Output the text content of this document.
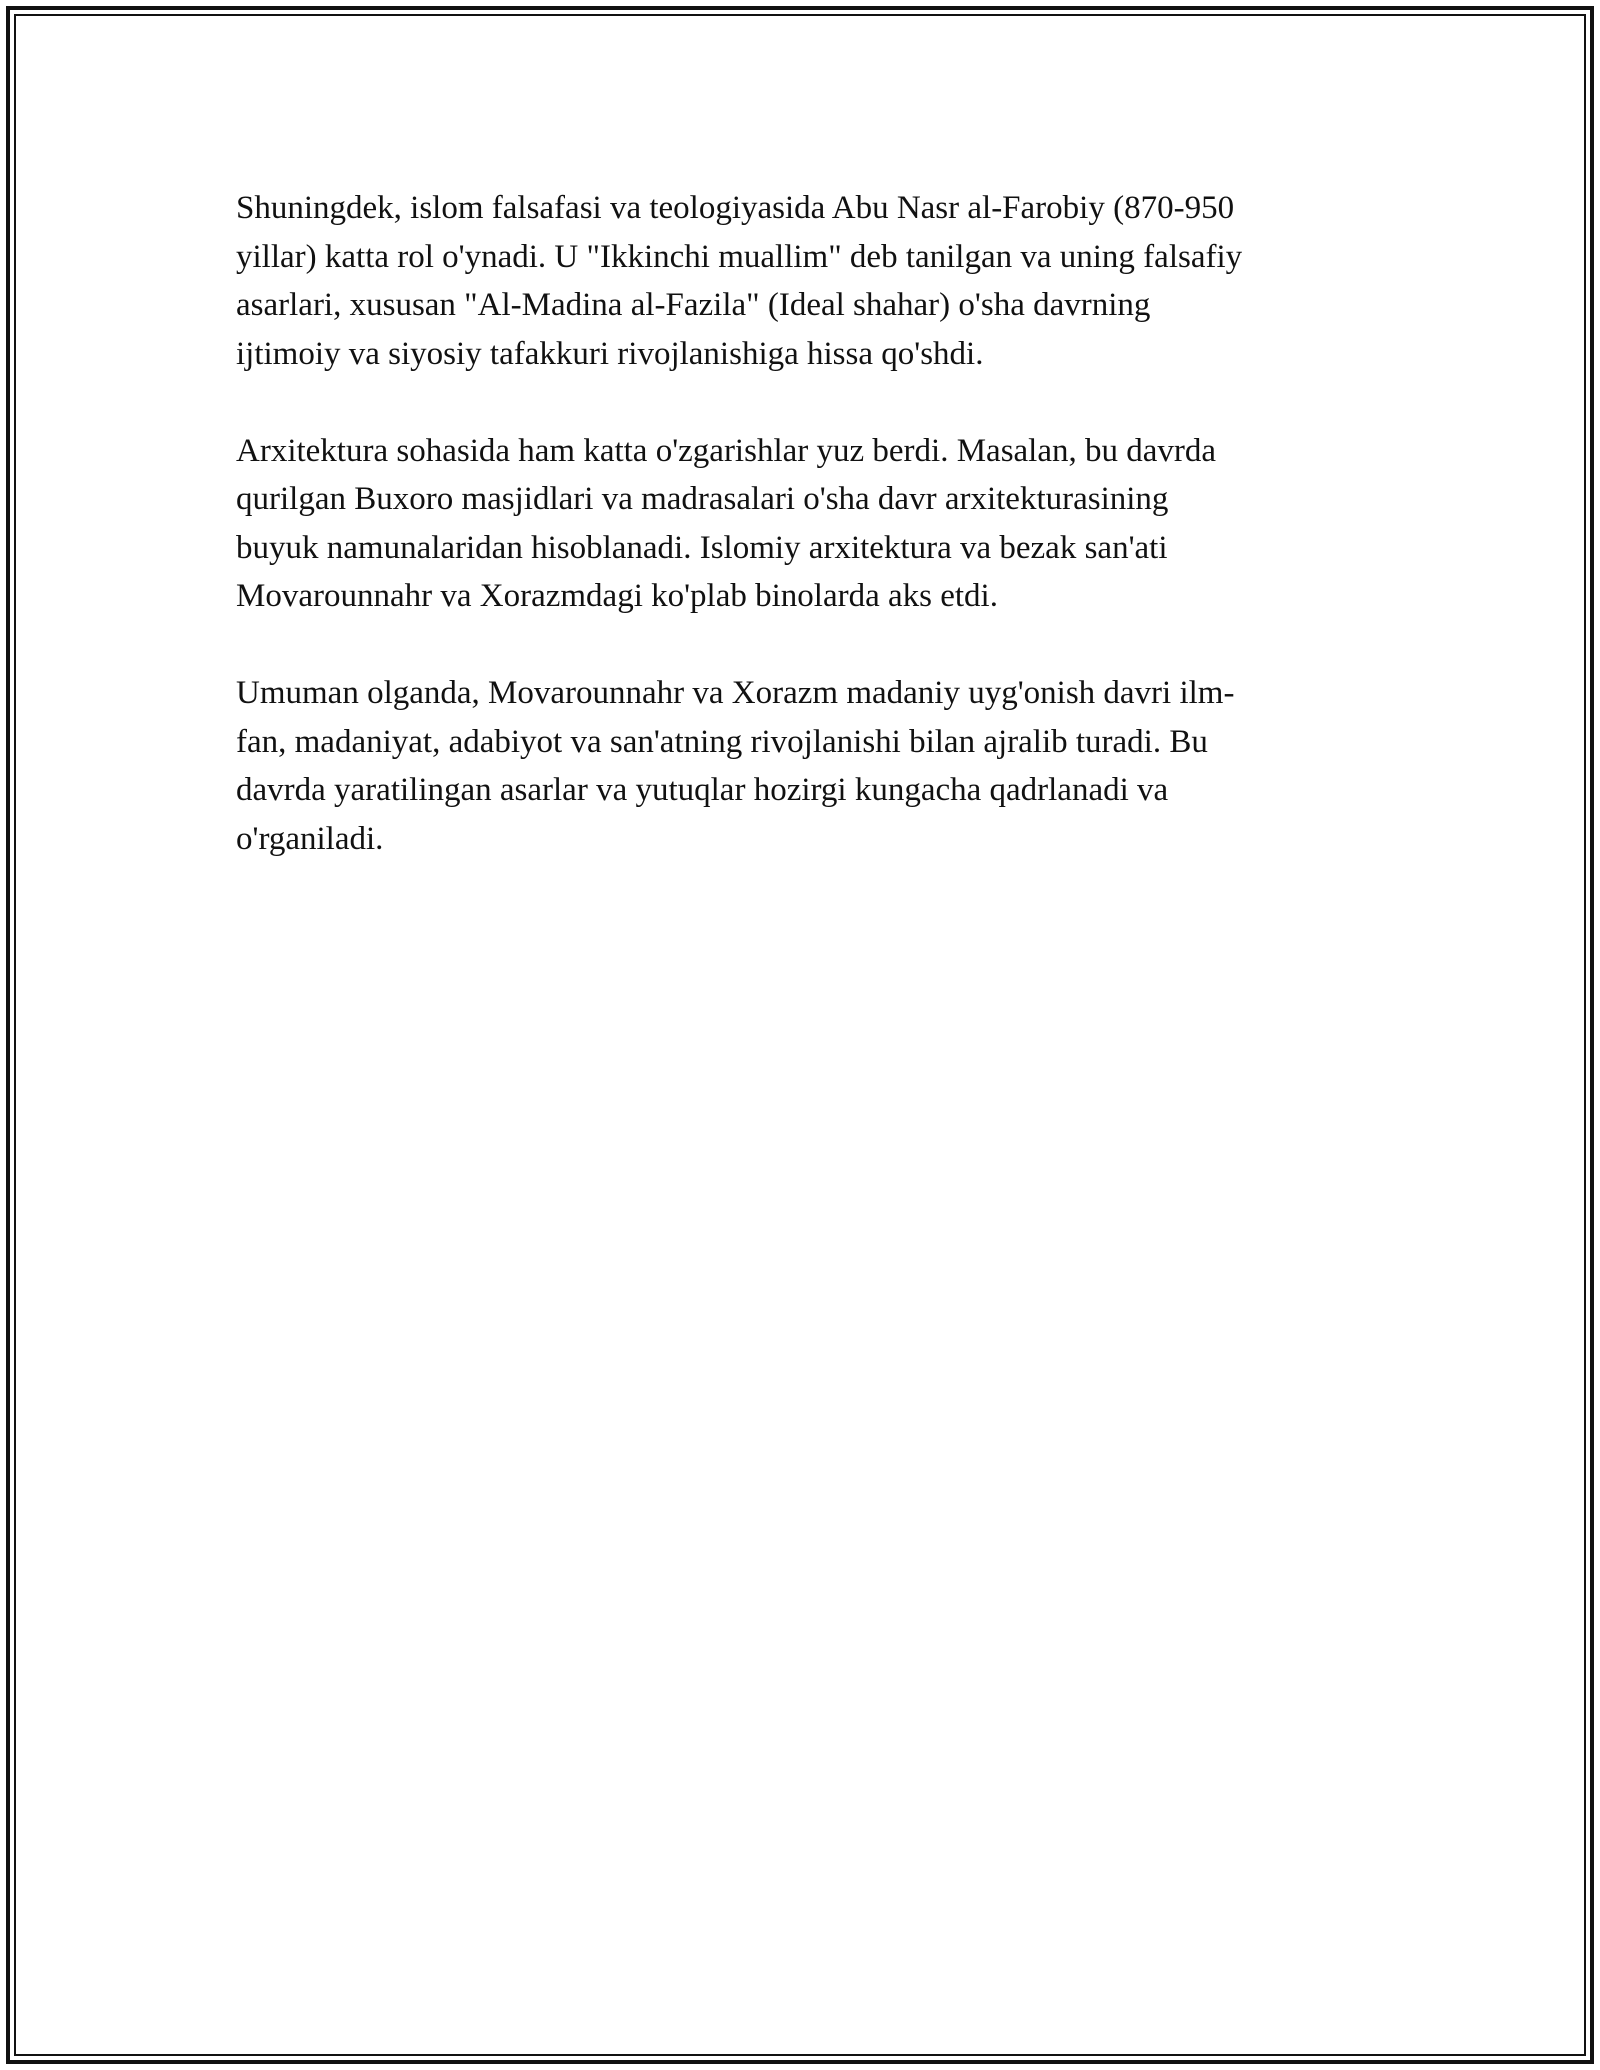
Shuningdek, islom falsafasi va teologiyasida Abu Nasr al-Farobiy (870-950
yillar) katta rol o'ynadi. U "Ikkinchi muallim" deb tanilgan va uning falsafiy
asarlari, xususan "Al-Madina al-Fazila" (Ideal shahar) o'sha davrning
ijtimoiy va siyosiy tafakkuri rivojlanishiga hissa qo'shdi.

Arxitektura sohasida ham katta o'zgarishlar yuz berdi. Masalan, bu davrda
qurilgan Buxoro masjidlari va madrasalari o'sha davr arxitekturasining
buyuk namunalaridan hisoblanadi. Islomiy arxitektura va bezak san'ati
Movarounnahr va Xorazmdagi ko'plab binolarda aks etdi.

Umuman olganda, Movarounnahr va Xorazm madaniy uyg'onish davri ilm-
fan, madaniyat, adabiyot va san'atning rivojlanishi bilan ajralib turadi. Bu
davrda yaratilingan asarlar va yutuqlar hozirgi kungacha qadrlanadi va
o'rganiladi.
